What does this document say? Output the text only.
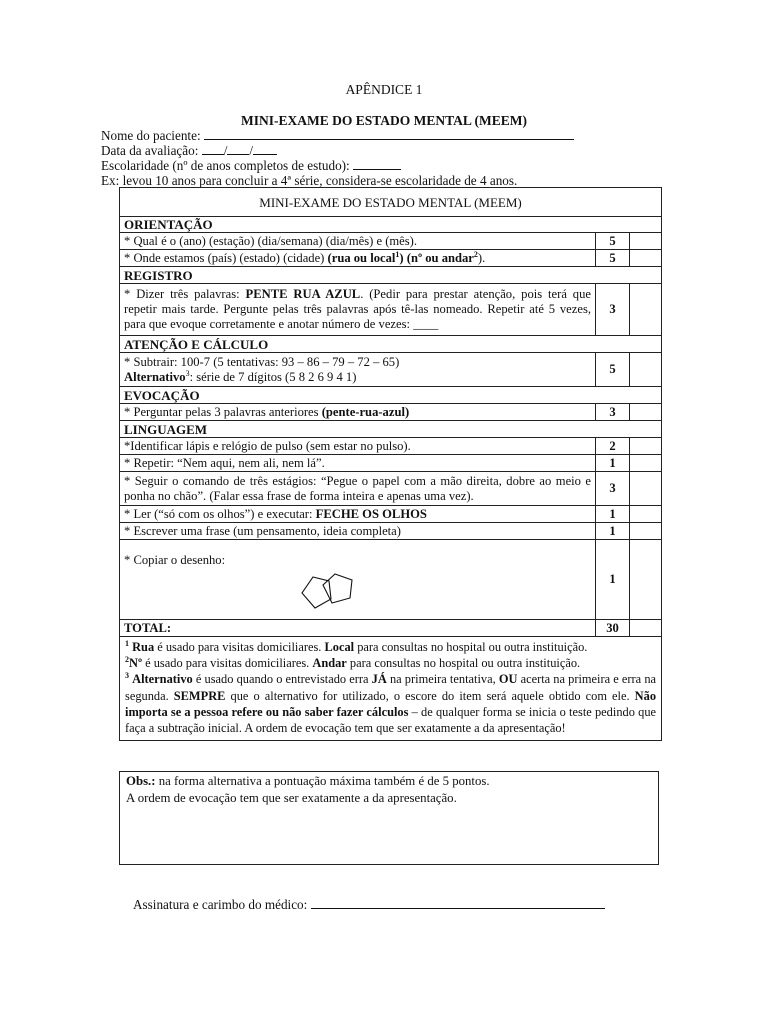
APÊNDICE 1
MINI-EXAME DO ESTADO MENTAL (MEEM)
Nome do paciente:
Data da avaliação: / /
Escolaridade (nº de anos completos de estudo):
Ex: levou 10 anos para concluir a 4ª série, considera-se escolaridade de 4 anos.
MINI-EXAME DO ESTADO MENTAL (MEEM)		
ORIENTAÇÃO		
* Qual é o (ano) (estação) (dia/semana) (dia/mês) e (mês).	5	
* Onde estamos (país) (estado) (cidade) (rua ou local$^1$) (nº ou andar$^2$).	5	
REGISTRO		
* Dizer três palavras: PENTE RUA AZUL. (Pedir para prestar atenção, pois terá que repetir mais tarde. Pergunte pelas três palavras após tê-las nomeado. Repetir até 5 vezes, para que evoque corretamente e anotar número de vezes: ____	3	
ATENÇÃO E CÁLCULO		

* Subtrair: 100-7 (5 tentativas: 93 – 86 – 79 – 72 – 65)
Alternativo$^3$: série de 7 dígitos (5 8 2 6 9 4 1)	5	
EVOCAÇÃO		
* Perguntar pelas 3 palavras anteriores (pente-rua-azul)	3	
LINGUAGEM		
*Identificar lápis e relógio de pulso (sem estar no pulso).	2	
* Repetir: “Nem aqui, nem ali, nem lá”.	1	
* Seguir o comando de três estágios: “Pegue o papel com a mão direita, dobre ao meio e ponha no chão”. (Falar essa frase de forma inteira e apenas uma vez).	3	
* Ler (“só com os olhos”) e executar: FECHE OS OLHOS	1	
* Escrever uma frase (um pensamento, ideia completa)	1	

* Copiar o desenho:	1	
TOTAL:	30	

$^1$ Rua é usado para visitas domiciliares. Local para consultas no hospital ou outra instituição.

$^2$Nº é usado para visitas domiciliares. Andar para consultas no hospital ou outra instituição.

$^3$ Alternativo é usado quando o entrevistado erra JÁ na primeira tentativa, OU acerta na primeira e erra na segunda. SEMPRE que o alternativo for utilizado, o escore do item será aquele obtido com ele. Não importa se a pessoa refere ou não saber fazer cálculos – de qualquer forma se inicia o teste pedindo que faça a subtração inicial. A ordem de evocação tem que ser exatamente a da apresentação!		

Obs.: na forma alternativa a pontuação máxima também é de 5 pontos.
A ordem de evocação tem que ser exatamente a da apresentação.
Assinatura e carimbo do médico:
